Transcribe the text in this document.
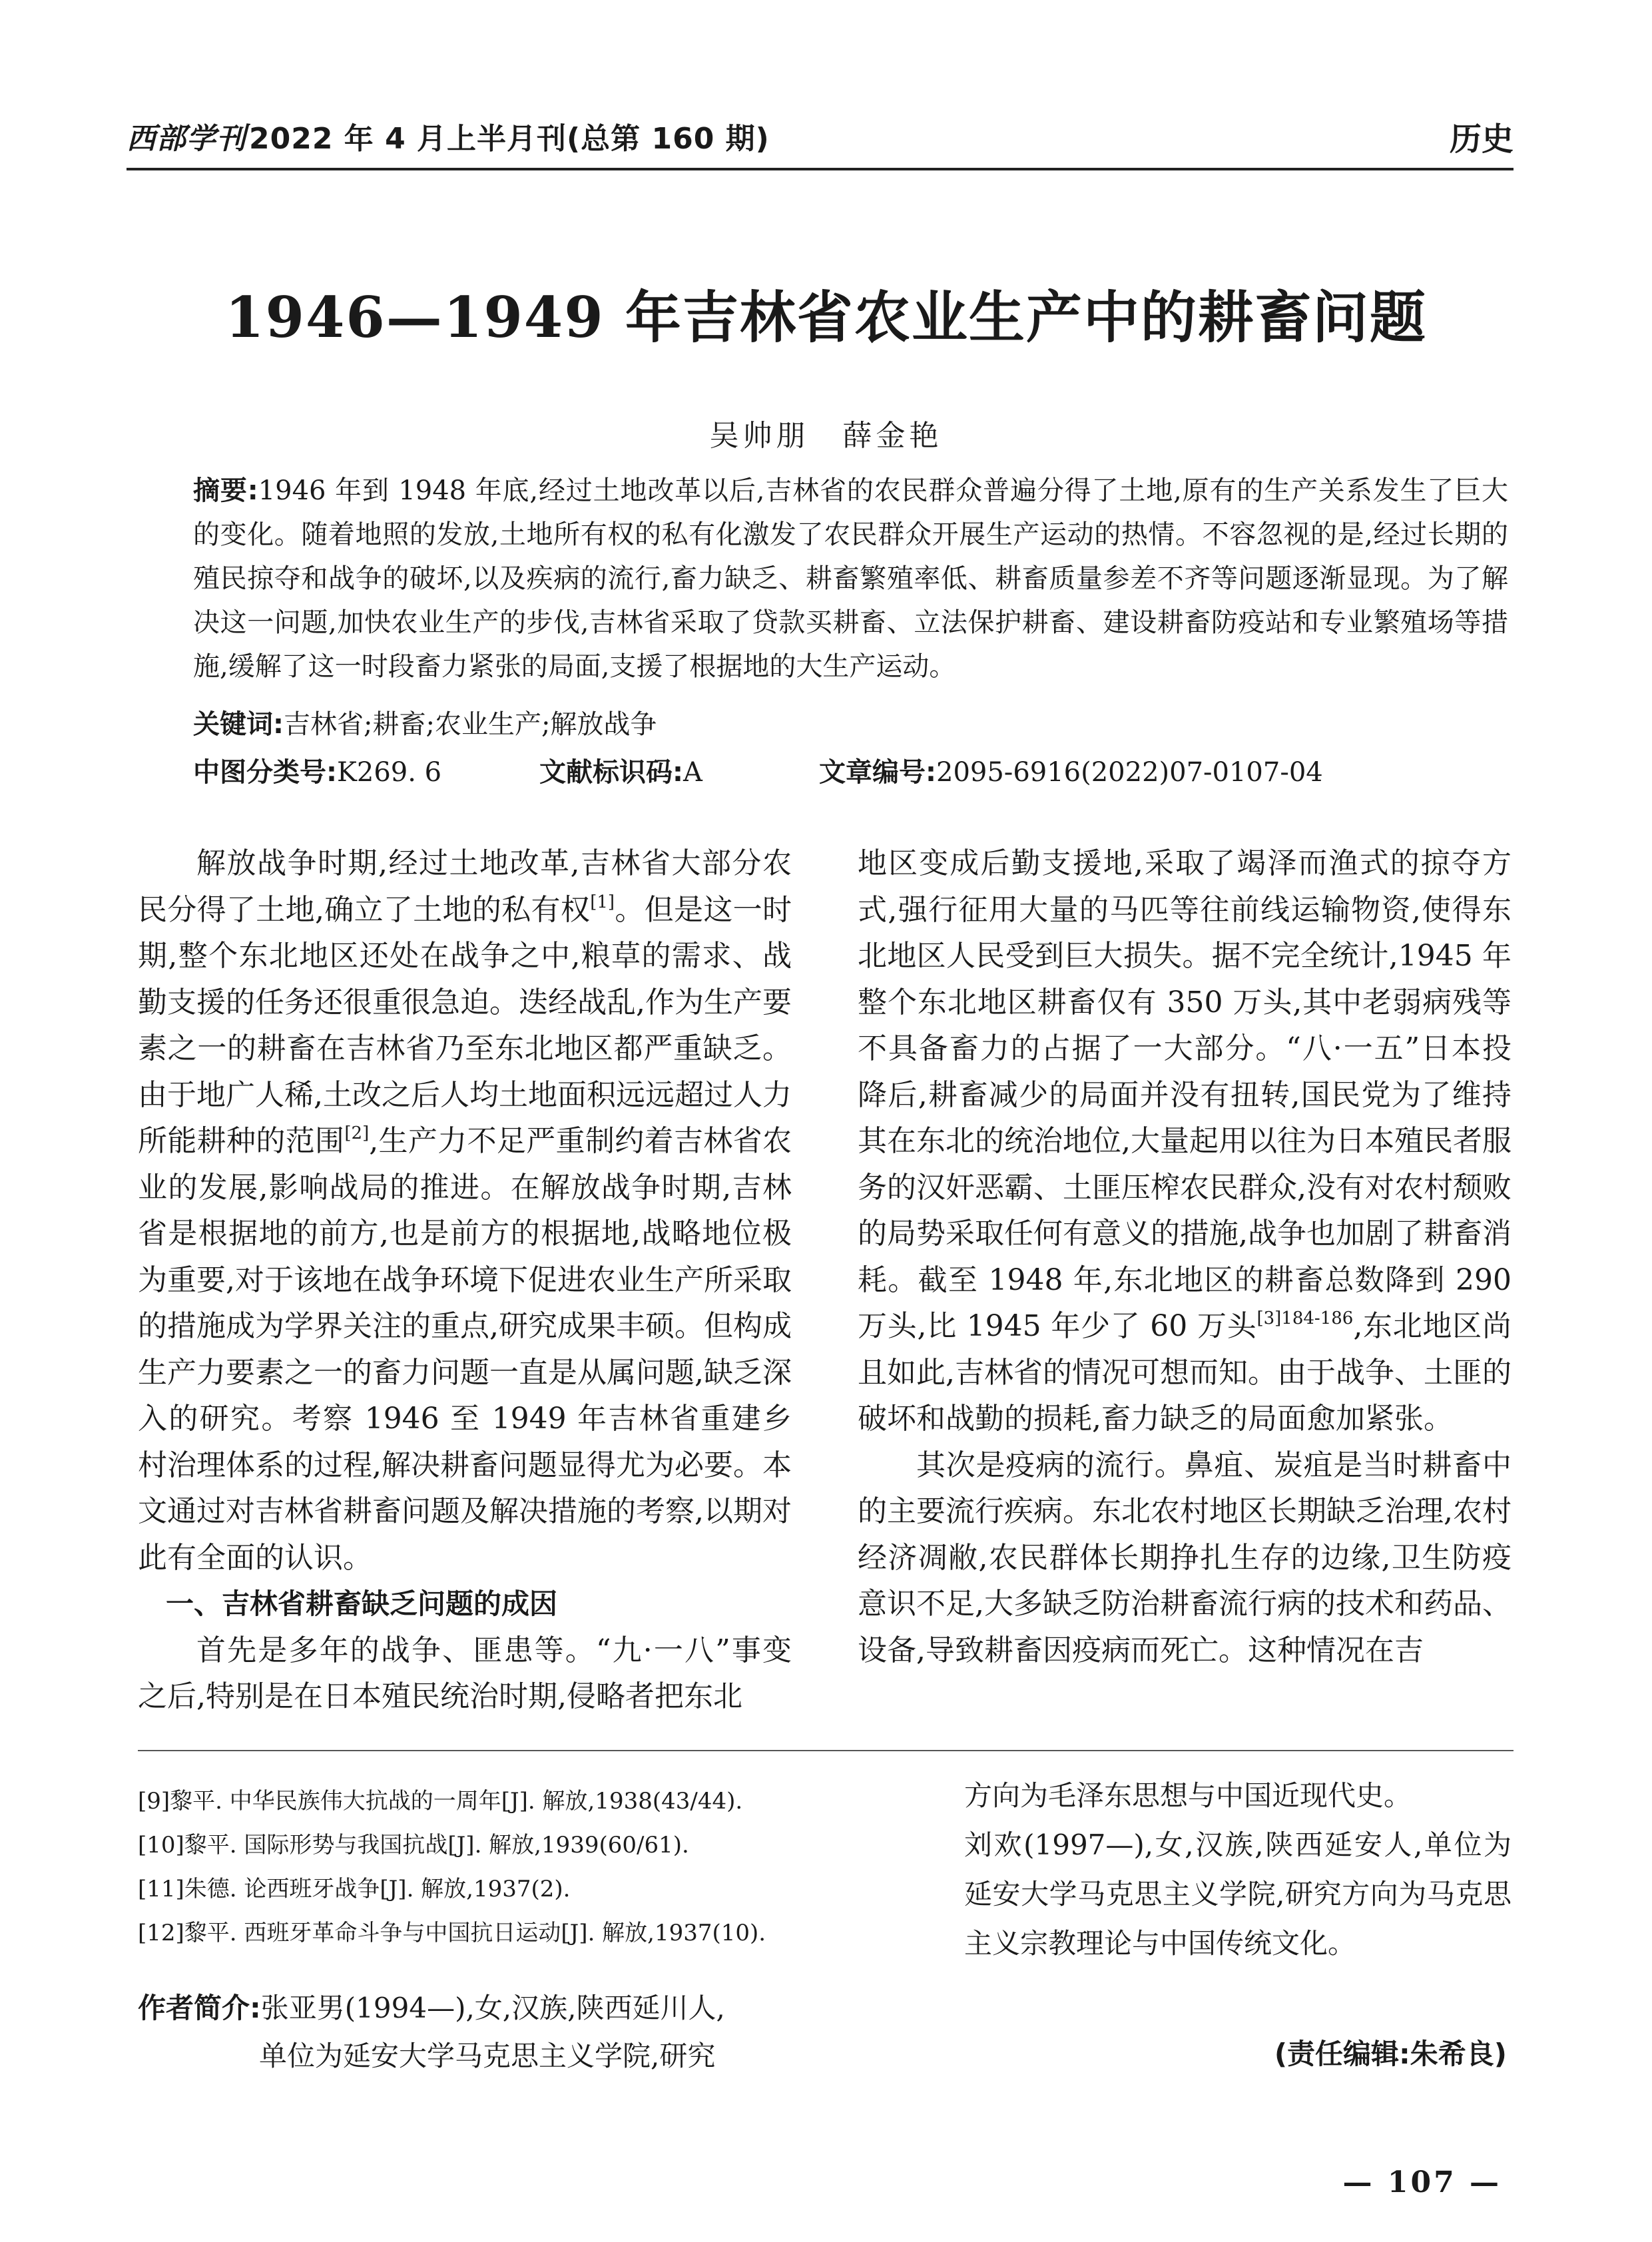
西部学刊2022 年 4 月上半月刊(总第 160 期)	历史
1946—1949 年吉林省农业生产中的耕畜问题
吴帅朋　薛金艳
摘要:1946 年到 1948 年底,经过土地改革以后,吉林省的农民群众普遍分得了土地,原有的生产关系发生了巨大的变化。随着地照的发放,土地所有权的私有化激发了农民群众开展生产运动的热情。不容忽视的是,经过长期的殖民掠夺和战争的破坏,以及疾病的流行,畜力缺乏、耕畜繁殖率低、耕畜质量参差不齐等问题逐渐显现。为了解决这一问题,加快农业生产的步伐,吉林省采取了贷款买耕畜、立法保护耕畜、建设耕畜防疫站和专业繁殖场等措施,缓解了这一时段畜力紧张的局面,支援了根据地的大生产运动。
关键词:吉林省;耕畜;农业生产;解放战争
中图分类号:K269. 6	文献标识码:A	文章编号:2095-6916(2022)07-0107-04

解放战争时期,经过土地改革,吉林省大部分农民分得了土地,确立了土地的私有权[1]。但是这一时期,整个东北地区还处在战争之中,粮草的需求、战勤支援的任务还很重很急迫。迭经战乱,作为生产要素之一的耕畜在吉林省乃至东北地区都严重缺乏。由于地广人稀,土改之后人均土地面积远远超过人力所能耕种的范围[2],生产力不足严重制约着吉林省农业的发展,影响战局的推进。在解放战争时期,吉林省是根据地的前方,也是前方的根据地,战略地位极为重要,对于该地在战争环境下促进农业生产所采取的措施成为学界关注的重点,研究成果丰硕。但构成生产力要素之一的畜力问题一直是从属问题,缺乏深入的研究。考察 1946 至 1949 年吉林省重建乡村治理体系的过程,解决耕畜问题显得尤为必要。本文通过对吉林省耕畜问题及解决措施的考察,以期对此有全面的认识。

一、吉林省耕畜缺乏问题的成因

首先是多年的战争、匪患等。“九·一八”事变之后,特别是在日本殖民统治时期,侵略者把东北

地区变成后勤支援地,采取了竭泽而渔式的掠夺方式,强行征用大量的马匹等往前线运输物资,使得东北地区人民受到巨大损失。据不完全统计,1945 年整个东北地区耕畜仅有 350 万头,其中老弱病残等不具备畜力的占据了一大部分。“八·一五”日本投降后,耕畜减少的局面并没有扭转,国民党为了维持其在东北的统治地位,大量起用以往为日本殖民者服务的汉奸恶霸、土匪压榨农民群众,没有对农村颓败的局势采取任何有意义的措施,战争也加剧了耕畜消耗。截至 1948 年,东北地区的耕畜总数降到 290 万头,比 1945 年少了 60 万头$^{[3]184-186}$,东北地区尚且如此,吉林省的情况可想而知。由于战争、土匪的破坏和战勤的损耗,畜力缺乏的局面愈加紧张。

其次是疫病的流行。鼻疽、炭疽是当时耕畜中的主要流行疾病。东北农村地区长期缺乏治理,农村经济凋敝,农民群体长期挣扎生存的边缘,卫生防疫意识不足,大多缺乏防治耕畜流行病的技术和药品、设备,导致耕畜因疫病而死亡。这种情况在吉

[9]黎平. 中华民族伟大抗战的一周年[J]. 解放,1938(43/44).
[10]黎平. 国际形势与我国抗战[J]. 解放,1939(60/61).
[11]朱德. 论西班牙战争[J]. 解放,1937(2).
[12]黎平. 西班牙革命斗争与中国抗日运动[J]. 解放,1937(10).
作者简介:张亚男(1994—),女,汉族,陕西延川人,
单位为延安大学马克思主义学院,研究

方向为毛泽东思想与中国近现代史。

刘欢(1997—),女,汉族,陕西延安人,单位为延安大学马克思主义学院,研究方向为马克思主义宗教理论与中国传统文化。

(责任编辑:朱希良)
— 107 —
